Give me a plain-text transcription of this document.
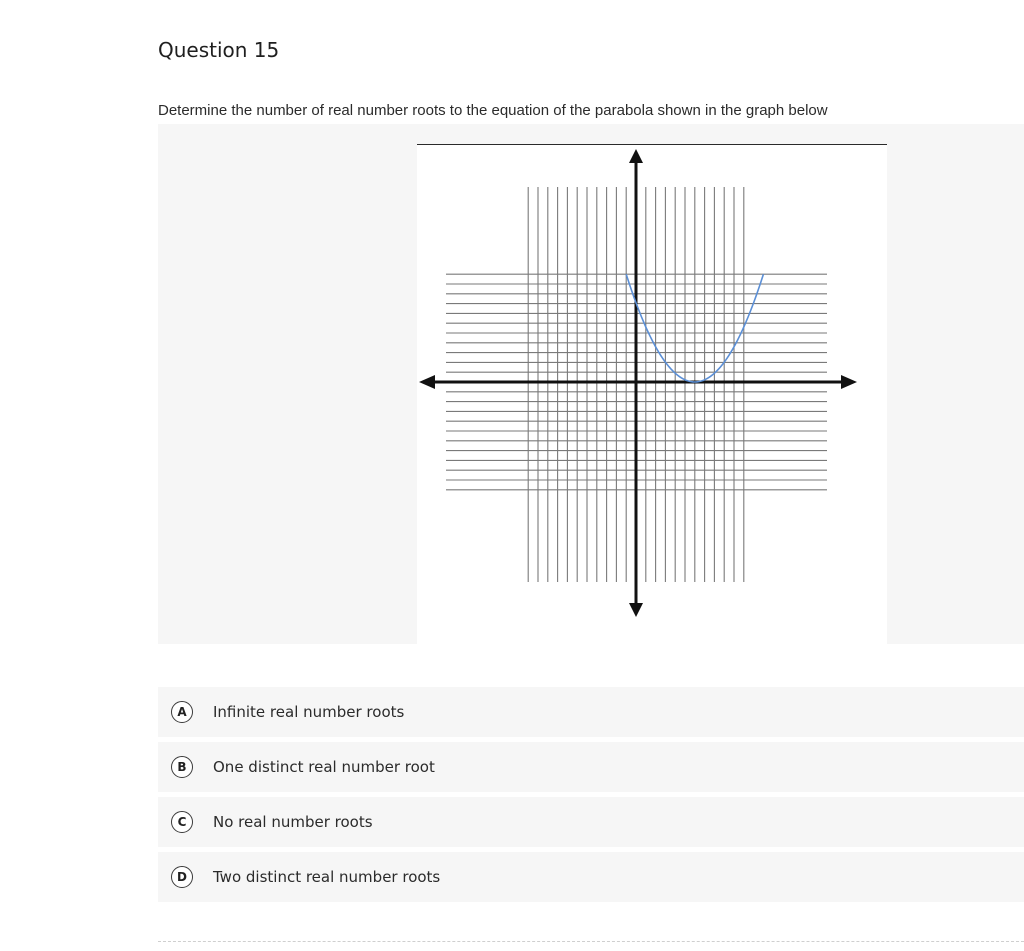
Question 15

Determine the number of real number roots to the equation of the parabola shown in the graph below

A	Infinite real number roots
B	One distinct real number root
C	No real number roots
D	Two distinct real number roots
